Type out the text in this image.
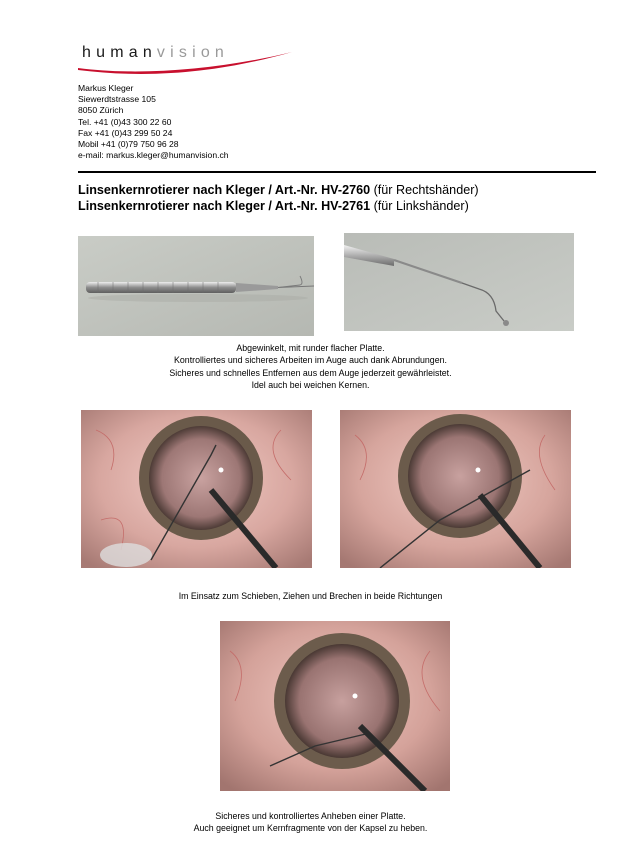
humanvision
Markus Kleger
Siewerdtstrasse 105
8050 Zürich
Tel. +41 (0)43 300 22 60
Fax +41 (0)43 299 50 24
Mobil +41 (0)79 750 96 28
e-mail: markus.kleger@humanvision.ch
Linsenkernrotierer nach Kleger / Art.-Nr. HV-2760 (für Rechtshänder)
Linsenkernrotierer nach Kleger / Art.-Nr. HV-2761 (für Linkshänder)
Abgewinkelt, mit runder flacher Platte.
Kontrolliertes und sicheres Arbeiten im Auge auch dank Abrundungen.
Sicheres und schnelles Entfernen aus dem Auge jederzeit gewährleistet.
Idel auch bei weichen Kernen.
Im Einsatz zum Schieben, Ziehen und Brechen in beide Richtungen
Sicheres und kontrolliertes Anheben einer Platte.
Auch geeignet um Kernfragmente von der Kapsel zu heben.
